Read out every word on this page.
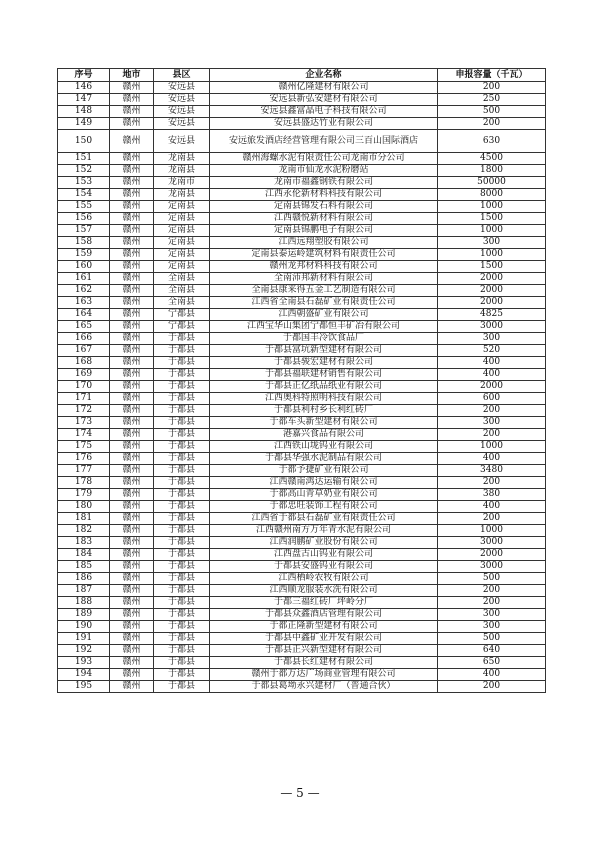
序号	地市	县区	企业名称	申报容量（千瓦）
146	赣州	安远县	赣州亿隆建材有限公司	200
147	赣州	安远县	安远县新弘安建材有限公司	250
148	赣州	安远县	安远县鑫富晶电子科技有限公司	500
149	赣州	安远县	安远县盛达竹业有限公司	200
150	赣州	安远县	安远旅发酒店经营管理有限公司三百山国际酒店	630
151	赣州	龙南县	赣州海螺水泥有限责任公司龙南市分公司	4500
152	赣州	龙南县	龙南市仙龙水泥粉磨站	1800
153	赣州	龙南市	龙南市福鑫钢铁有限公司	50000
154	赣州	龙南县	江西永伦新材料科技有限公司	8000
155	赣州	定南县	定南县锦发石料有限公司	1000
156	赣州	定南县	江西赣悦新材料有限公司	1500
157	赣州	定南县	定南县锦鹏电子有限公司	1000
158	赣州	定南县	江西远翔塑胶有限公司	300
159	赣州	定南县	定南县泰运岭建筑材料有限责任公司	1000
160	赣州	定南县	赣州龙邦材料科技有限公司	1500
161	赣州	全南县	全南沛邦新材料有限公司	2000
162	赣州	全南县	全南县康来得五金工艺制造有限公司	2000
163	赣州	全南县	江西省全南县石磊矿业有限责任公司	2000
164	赣州	宁都县	江西朝盛矿业有限公司	4825
165	赣州	宁都县	江西宝华山集团宁都恒丰矿冶有限公司	3000
166	赣州	于都县	于都国丰冷饮食品厂	300
167	赣州	于都县	于都县富坑新型建材有限公司	520
168	赣州	于都县	于都县骏宏建材有限公司	400
169	赣州	于都县	于都县福联建材销售有限公司	400
170	赣州	于都县	于都县正亿纸品纸业有限公司	2000
171	赣州	于都县	江西奥科特照明科技有限公司	600
172	赣州	于都县	于都县利村乡长利红砖厂	200
173	赣州	于都县	于都车头新型建材有限公司	300
174	赣州	于都县	港嘉兴食品有限公司	200
175	赣州	于都县	江西铁山垅钨业有限公司	1000
176	赣州	于都县	于都县华强水泥制品有限公司	400
177	赣州	于都县	于都予捷矿业有限公司	3480
178	赣州	于都县	江西赣南鸿达运输有限公司	200
179	赣州	于都县	于都高山青草奶业有限公司	380
180	赣州	于都县	于都忠旺装饰工程有限公司	400
181	赣州	于都县	江西省于都县石磊矿业有限责任公司	200
182	赣州	于都县	江西赣州南方万年青水泥有限公司	1000
183	赣州	于都县	江西润鹏矿业股份有限公司	3000
184	赣州	于都县	江西盘古山钨业有限公司	2000
185	赣州	于都县	于都县安盛钨业有限公司	3000
186	赣州	于都县	江西栖岭农牧有限公司	500
187	赣州	于都县	江西顺龙服装水洗有限公司	200
188	赣州	于都县	于都三福红砖厂坪岭分厂	200
189	赣州	于都县	于都县众鑫酒店管理有限公司	300
190	赣州	于都县	于都正隆新型建材有限公司	300
191	赣州	于都县	于都县中鑫矿业开发有限公司	500
192	赣州	于都县	于都县正兴新型建材有限公司	640
193	赣州	于都县	于都县长红建材有限公司	650
194	赣州	于都县	赣州于都万达广场商业管理有限公司	400
195	赣州	于都县	于都县葛坳永兴建材厂（普通合伙）	200
— 5 —
